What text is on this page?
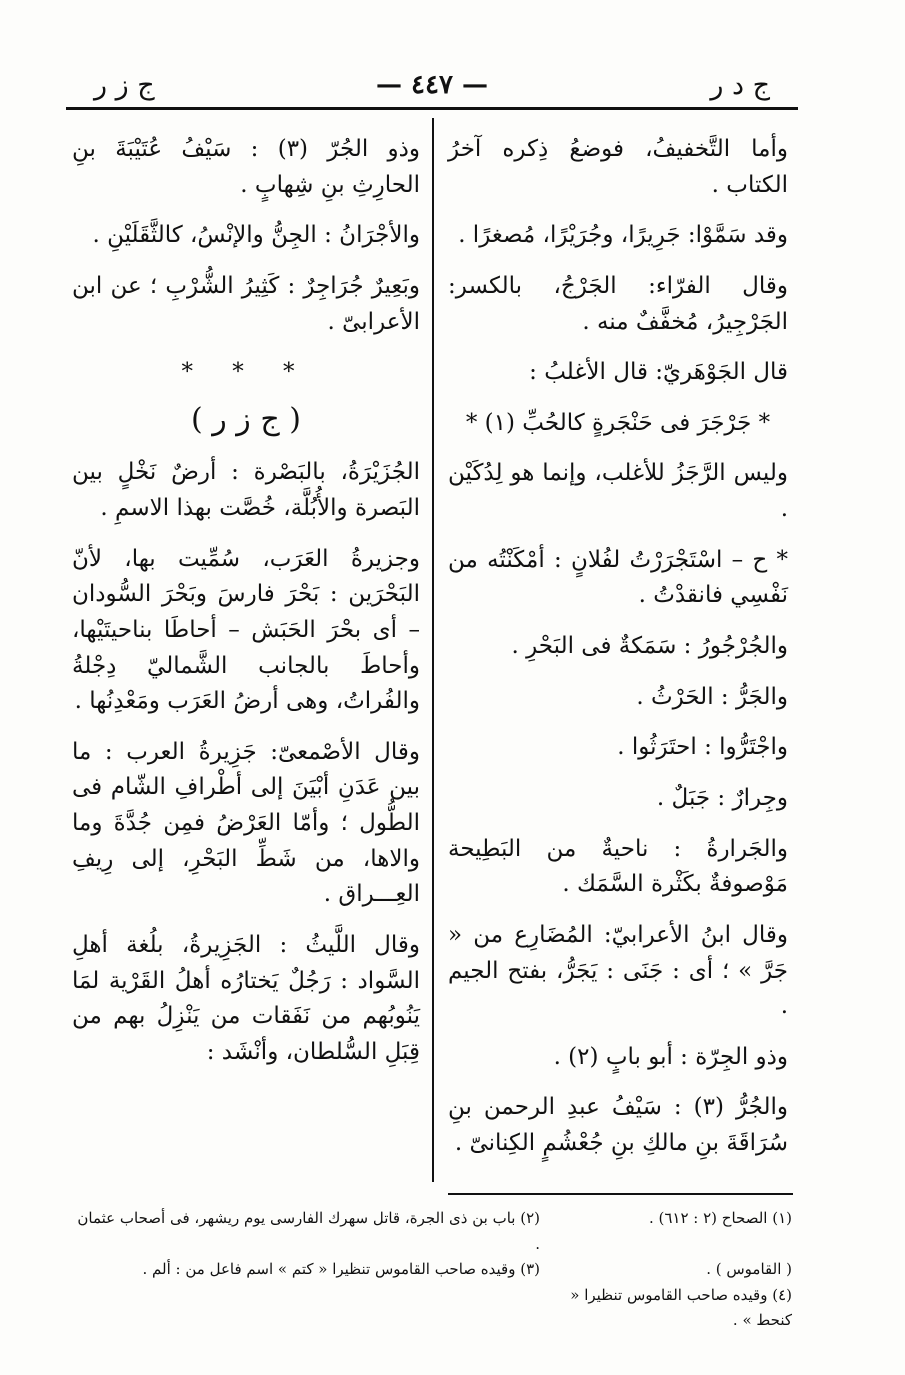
ج د ر
— ٤٤٧ —
ج ز ر

وأما التَّخفيفُ، فوضعُ ذِكره آخرُ الكتاب .

وقد سَمَّوْا: جَرِيرًا، وجُرَيْرًا، مُصغرًا .

وقال الفرّاء: الجَرْجُ، بالكسر: الجَرْجِيرُ، مُخفَّفٌ منه .

قال الجَوْهَريّ: قال الأغلبُ :

* جَرْجَرَ فى حَنْجَرةٍ كالحُبِّ (١) *

وليس الرَّجَزُ للأغلب، وإنما هو لِدُكَيْن .

* ح – اسْتَجْرَرْتُ لفُلانٍ : أمْكَنْتُه من نَفْسِي فانقدْتُ .

والجُرْجُورُ : سَمَكةٌ فى البَحْرِ .

والجَرُّ : الحَرْثُ .

واجْتَرُّوا : احتَرَثُوا .

وجِرارٌ : جَبَلٌ .

والجَرارةُ : ناحيةٌ من البَطِيحة مَوْصوفةٌ بكَثْرة السَّمَك .

وقال ابنُ الأعرابيّ: المُضَارِع من « جَرَّ » ؛ أى : جَنَى : يَجَرُّ، بفتح الجيم .

وذو الجِرّة : أبو بابٍ (٢) .

والجُرُّ (٣) : سَيْفُ عبدِ الرحمن بنِ سُرَاقَةَ بنِ مالكِ بنِ جُعْشُمٍ الكِنانىّ .

وذو الجُرّ (٣) : سَيْفُ عُتَيْبَةَ بنِ الحارِثِ بنِ شِهابٍ .

والأجْرَانُ : الجِنُّ والإنْسُ، كالثَّقَلَيْنِ .

وبَعِيرٌ جُرَاجِرٌ : كَثِيرُ الشُّرْبِ ؛ عن ابن الأعرابىّ .

* * *
( ج ز ر )

الجُزَيْرَةُ، بالبَصْرة : أرضٌ نَخْلٍ بين البَصرة والأُبُلَّة، خُصَّت بهذا الاسمِ .

وجزيرةُ العَرَب، سُمِّيت بها، لأنّ البَحْرَين : بَحْرَ فارسَ وبَحْرَ السُّودان – أى بحْرَ الحَبَش – أحاطَا بناحيتَيْها، وأحاطَ بالجانب الشَّماليّ دِجْلةُ والفُراتُ، وهى أرضُ العَرَب ومَعْدِنُها .

وقال الأصْمعىّ: جَزِيرةُ العرب : ما بين عَدَنِ أبْيَنَ إلى أطْرافِ الشّام فى الطُّول ؛ وأمّا العَرْضُ فمِن جُدَّةَ وما والاها، من شَطِّ البَحْرِ، إلى رِيفِ العِـــراق .

وقال اللَّيثُ : الجَزِيرةُ، بلُغة أهلِ السَّواد : رَجُلٌ يَختارُه أهلُ القَرْية لمَا يَنُوبُهم من نَفَقات من يَنْزِلُ بهم من قِبَلِ السُّلطان، وأنْشَد :

(١) الصحاح (٢ : ٦١٢) .
(٢) باب بن ذى الجرة، قاتل سهرك الفارسى يوم ريشهر، فى أصحاب عثمان .
( القاموس ) .
(٣) وقيده صاحب القاموس تنظيرا « كتم » اسم فاعل من : ألم .
(٤) وقيده صاحب القاموس تنظيرا « كنحط » .
